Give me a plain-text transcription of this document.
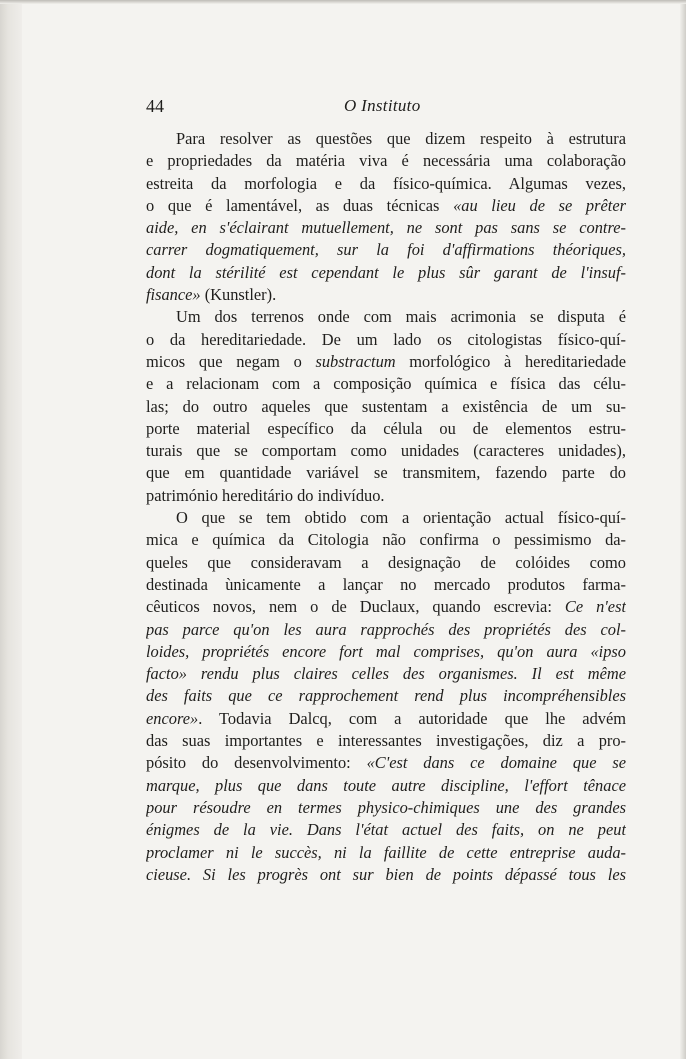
44	O Instituto
Para resolver as questões que dizem respeito à estrutura
e propriedades da matéria viva é necessária uma colaboração
estreita da morfologia e da físico-química. Algumas vezes,
o que é lamentável, as duas técnicas «au lieu de se prêter
aide, en s'éclairant mutuellement, ne sont pas sans se contre-
carrer dogmatiquement, sur la foi d'affirmations théoriques,
dont la stérilité est cependant le plus sûr garant de l'insuf-
fisance» (Kunstler).
Um dos terrenos onde com mais acrimonia se disputa é
o da hereditariedade. De um lado os citologistas físico-quí-
micos que negam o substractum morfológico à hereditariedade
e a relacionam com a composição química e física das célu-
las; do outro aqueles que sustentam a existência de um su-
porte material específico da célula ou de elementos estru-
turais que se comportam como unidades (caracteres unidades),
que em quantidade variável se transmitem, fazendo parte do
património hereditário do indivíduo.
O que se tem obtido com a orientação actual físico-quí-
mica e química da Citologia não confirma o pessimismo da-
queles que consideravam a designação de colóides como
destinada ùnicamente a lançar no mercado produtos farma-
cêuticos novos, nem o de Duclaux, quando escrevia: Ce n'est
pas parce qu'on les aura rapprochés des propriétés des col-
loides, propriétés encore fort mal comprises, qu'on aura «ipso
facto» rendu plus claires celles des organismes. Il est même
des faits que ce rapprochement rend plus incompréhensibles
encore». Todavia Dalcq, com a autoridade que lhe advém
das suas importantes e interessantes investigações, diz a pro-
pósito do desenvolvimento: «C'est dans ce domaine que se
marque, plus que dans toute autre discipline, l'effort tênace
pour résoudre en termes physico-chimiques une des grandes
énigmes de la vie. Dans l'état actuel des faits, on ne peut
proclamer ni le succès, ni la faillite de cette entreprise auda-
cieuse. Si les progrès ont sur bien de points dépassé tous les
